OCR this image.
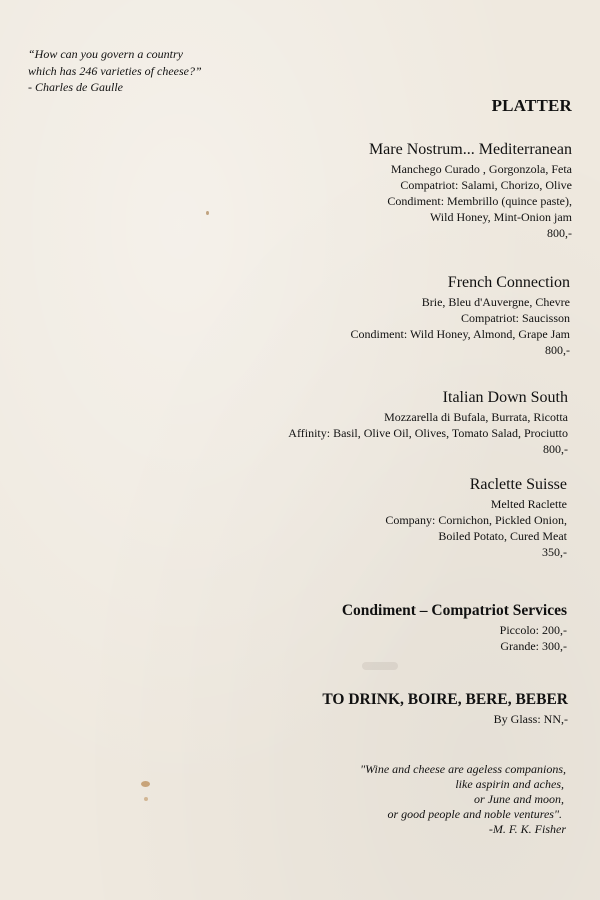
“How can you govern a country
which has 246 varieties of cheese?”
- Charles de Gaulle
PLATTER
Mare Nostrum... Mediterranean
Manchego Curado , Gorgonzola, Feta
Compatriot: Salami, Chorizo, Olive
Condiment: Membrillo (quince paste),
Wild Honey, Mint-Onion jam
800,-
French Connection
Brie, Bleu d'Auvergne, Chevre
Compatriot: Saucisson
Condiment: Wild Honey, Almond, Grape Jam
800,-
Italian Down South
Mozzarella di Bufala, Burrata, Ricotta
Affinity: Basil, Olive Oil, Olives, Tomato Salad, Prociutto
800,-
Raclette Suisse
Melted Raclette
Company: Cornichon, Pickled Onion,
Boiled Potato, Cured Meat
350,-
Condiment – Compatriot Services
Piccolo: 200,-
Grande: 300,-
TO DRINK, BOIRE, BERE, BEBER
By Glass: NN,-
"Wine and cheese are ageless companions,
like aspirin and aches,
or June and moon,
or good people and noble ventures".
-M. F. K. Fisher
